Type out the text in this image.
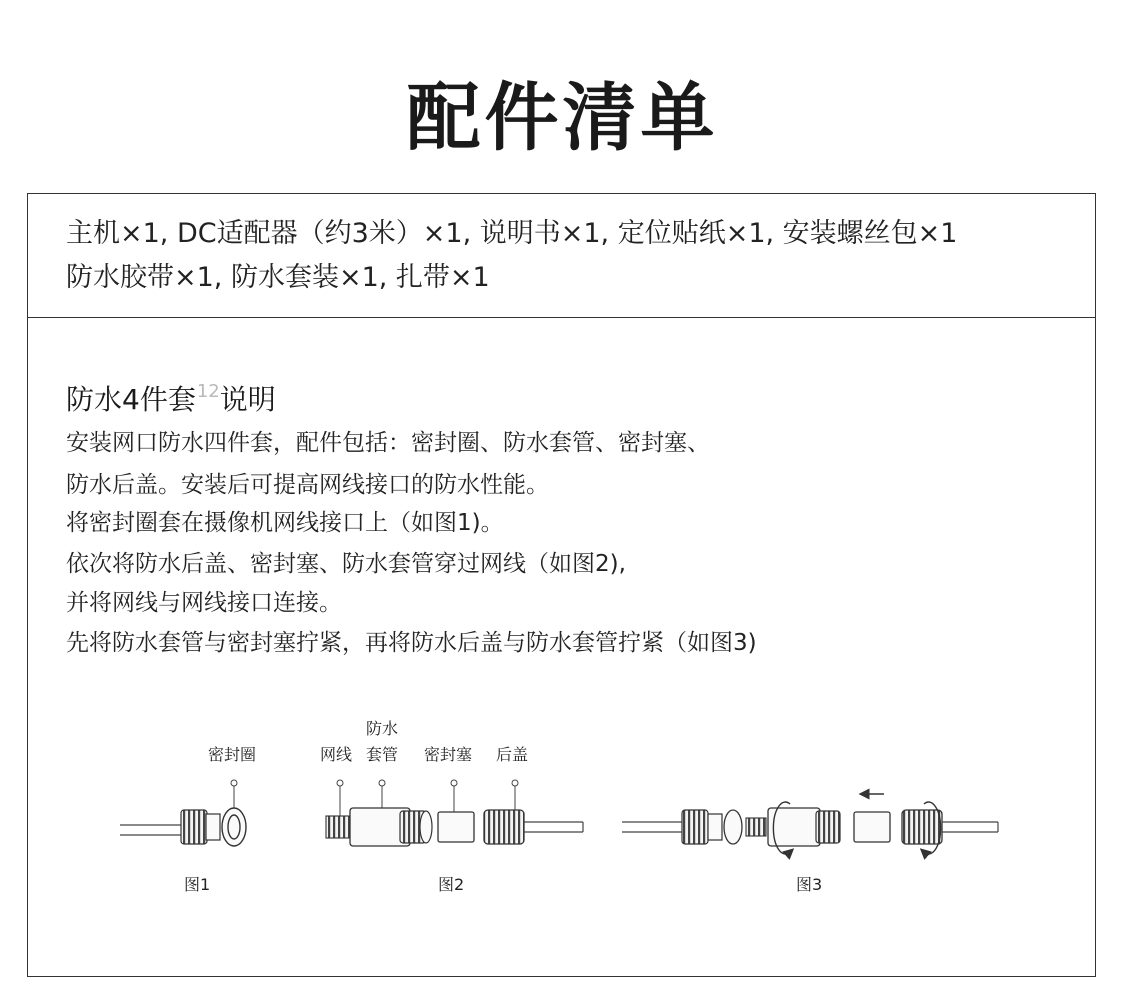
配件清单
主机×1, DC适配器（约3米）×1, 说明书×1, 定位贴纸×1, 安装螺丝包×1
防水胶带×1, 防水套装×1, 扎带×1
防水4件套$^{12}$说明
安装网口防水四件套，配件包括：密封圈、防水套管、密封塞、
防水后盖。安装后可提高网线接口的防水性能。
将密封圈套在摄像机网线接口上（如图1)。
依次将防水后盖、密封塞、防水套管穿过网线（如图2),
并将网线与网线接口连接。
先将防水套管与密封塞拧紧，再将防水后盖与防水套管拧紧（如图3)
密封圈
图1
网线
防水
套管 密封塞 后盖
图2	图3
